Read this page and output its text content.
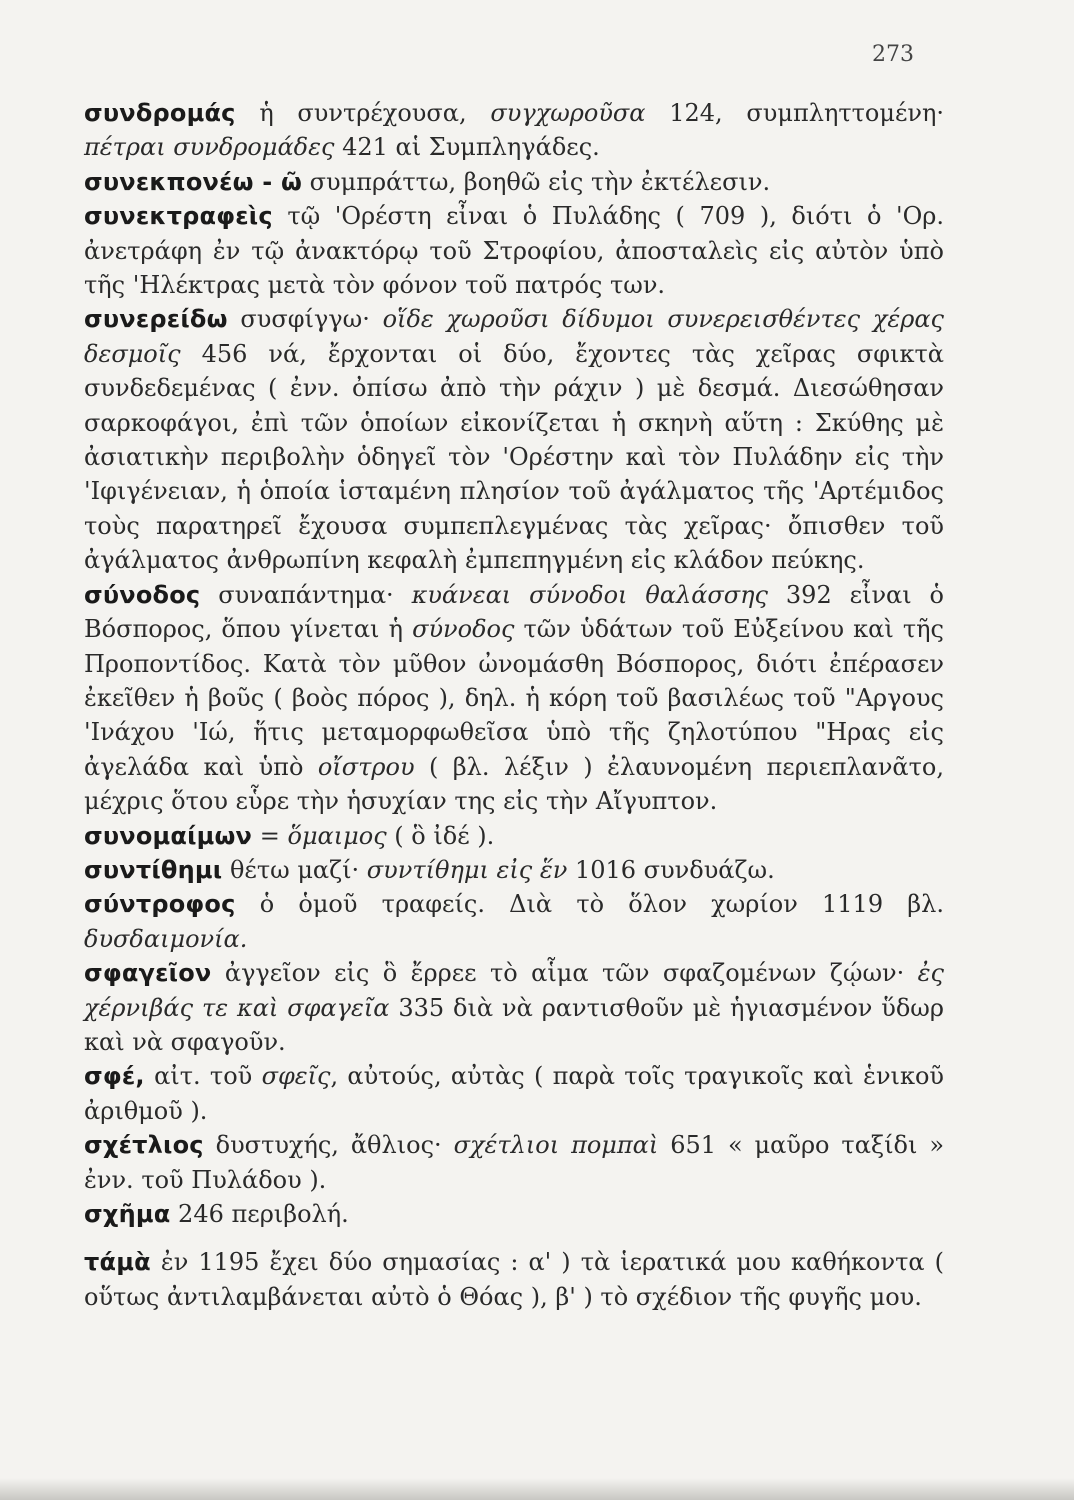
273
συνδρομάς ἡ συντρέχουσα, συγχωροῦσα 124, συμπληττομένη· πέτραι συνδρομάδες 421 αἱ Συμπληγάδες.
συνεκπονέω - ῶ συμπράττω, βοηθῶ εἰς τὴν ἐκτέλεσιν.
συνεκτραφεὶς τῷ 'Ορέστη εἶναι ὁ Πυλάδης ( 709 ), διότι ὁ 'Ορ. ἀνετράφη ἐν τῷ ἀνακτόρῳ τοῦ Στροφίου, ἀποσταλεὶς εἰς αὐτὸν ὑπὸ τῆς 'Ηλέκτρας μετὰ τὸν φόνον τοῦ πατρός των.
συνερείδω συσφίγγω· οἵδε χωροῦσι δίδυμοι συνερεισθέντες χέρας δεσμοῖς 456 νά, ἔρχονται οἱ δύο, ἔχοντες τὰς χεῖρας σφικτὰ συνδεδεμένας ( ἐνν. ὀπίσω ἀπὸ τὴν ράχιν ) μὲ δεσμά. Διεσώθησαν σαρκοφάγοι, ἐπὶ τῶν ὁποίων εἰκονίζεται ἡ σκηνὴ αὕτη : Σκύθης μὲ ἀσιατικὴν περιβολὴν ὁδηγεῖ τὸν 'Ορέστην καὶ τὸν Πυλάδην εἰς τὴν 'Ιφιγένειαν, ἡ ὁποία ἱσταμένη πλησίον τοῦ ἀγάλματος τῆς 'Αρτέμιδος τοὺς παρατηρεῖ ἔχουσα συμπεπλεγμένας τὰς χεῖρας· ὄπισθεν τοῦ ἀγάλματος ἀνθρωπίνη κεφαλὴ ἐμπεπηγμένη εἰς κλάδον πεύκης.
σύνοδος συναπάντημα· κυάνεαι σύνοδοι θαλάσσης 392 εἶναι ὁ Βόσπορος, ὅπου γίνεται ἡ σύνοδος τῶν ὑδάτων τοῦ Εὐξείνου καὶ τῆς Προποντίδος. Κατὰ τὸν μῦθον ὠνομάσθη Βόσπορος, διότι ἐπέρασεν ἐκεῖθεν ἡ βοῦς ( βοὸς πόρος ), δηλ. ἡ κόρη τοῦ βασιλέως τοῦ "Αργους 'Ινάχου 'Ιώ, ἥτις μεταμορφωθεῖσα ὑπὸ τῆς ζηλοτύπου "Ηρας εἰς ἀγελάδα καὶ ὑπὸ οἴστρου ( βλ. λέξιν ) ἐλαυνομένη περιεπλανᾶτο, μέχρις ὅτου εὗρε τὴν ἡσυχίαν της εἰς τὴν Αἴγυπτον.
συνομαίμων = ὅμαιμος ( ὃ ἰδέ ).
συντίθημι θέτω μαζί· συντίθημι εἰς ἕν 1016 συνδυάζω.
σύντροφος ὁ ὁμοῦ τραφείς. Διὰ τὸ ὅλον χωρίον 1119 βλ. δυσδαιμονία.
σφαγεῖον ἀγγεῖον εἰς ὃ ἔρρεε τὸ αἷμα τῶν σφαζομένων ζῴων· ἐς χέρνιβάς τε καὶ σφαγεῖα 335 διὰ νὰ ραντισθοῦν μὲ ἡγιασμένον ὕδωρ καὶ νὰ σφαγοῦν.
σφέ, αἰτ. τοῦ σφεῖς, αὐτούς, αὐτὰς ( παρὰ τοῖς τραγικοῖς καὶ ἑνικοῦ ἀριθμοῦ ).
σχέτλιος δυστυχής, ἄθλιος· σχέτλιοι πομπαὶ 651 « μαῦρο ταξίδι » ἐνν. τοῦ Πυλάδου ).
σχῆμα 246 περιβολή.
τάμὰ ἐν 1195 ἔχει δύο σημασίας : α' ) τὰ ἱερατικά μου καθήκοντα ( οὕτως ἀντιλαμβάνεται αὐτὸ ὁ Θόας ), β' ) τὸ σχέδιον τῆς φυγῆς μου.
